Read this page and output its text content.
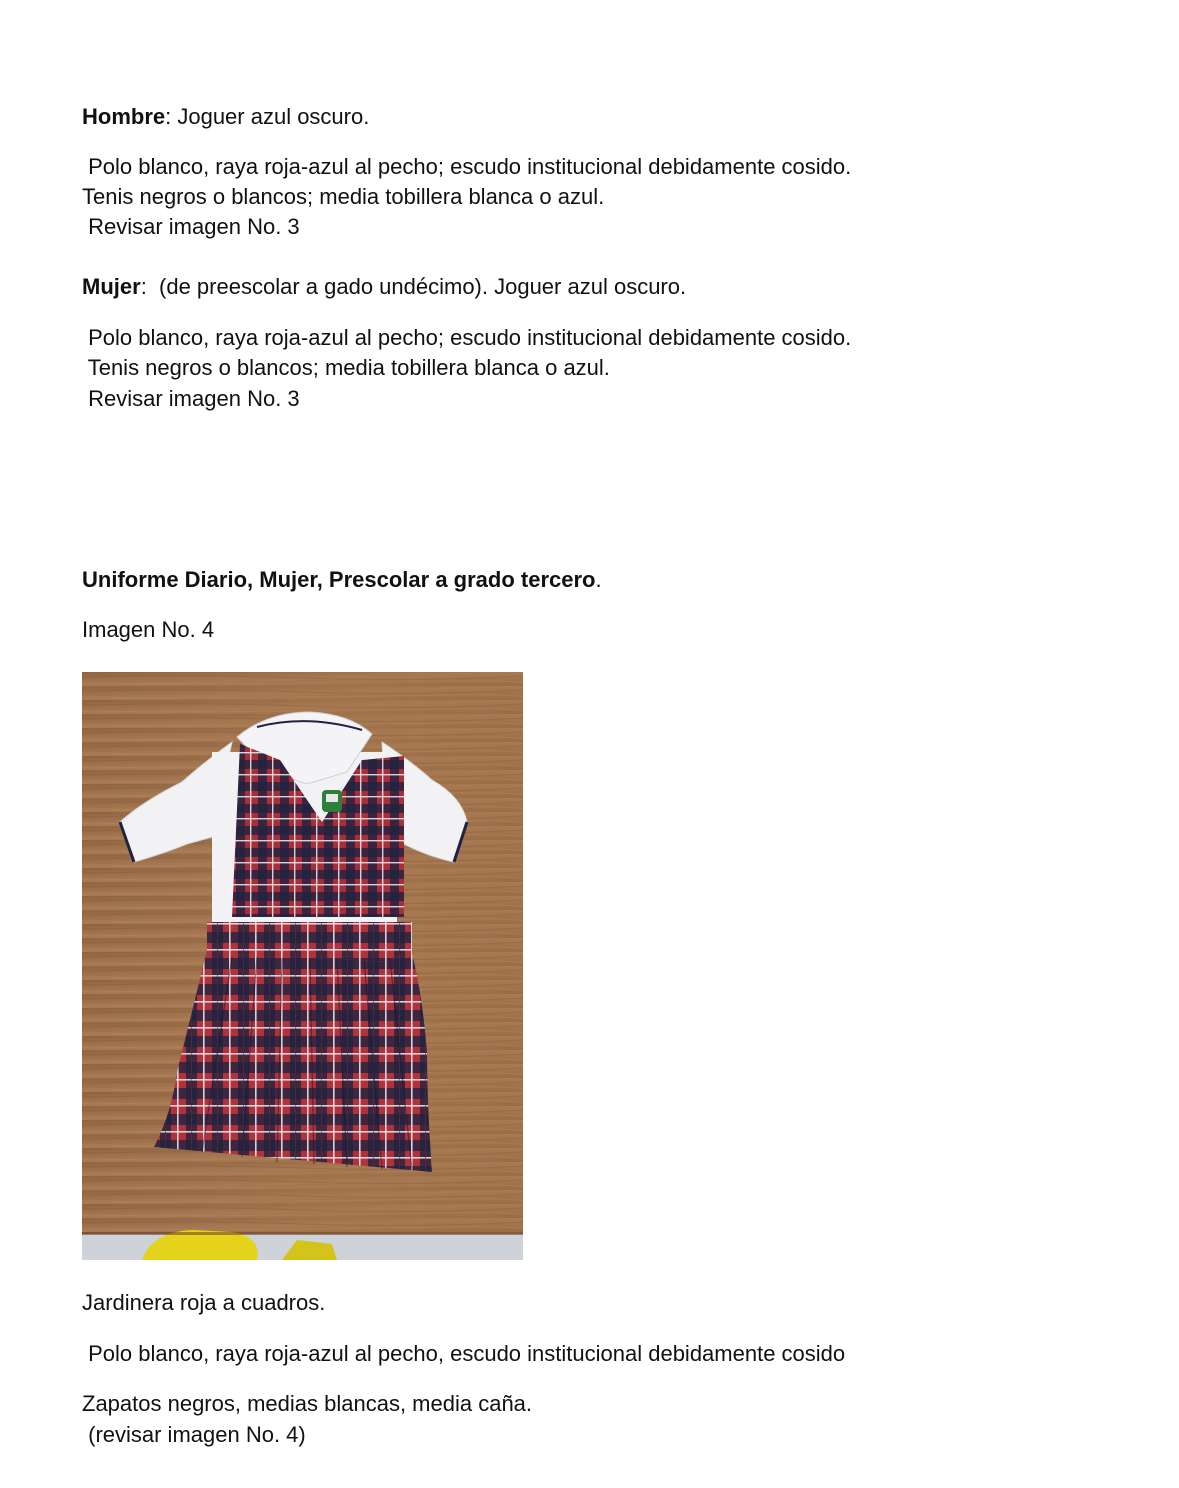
Hombre: Joguer azul oscuro.
Polo blanco, raya roja-azul al pecho; escudo institucional debidamente cosido.
Tenis negros o blancos; media tobillera blanca o azul.
Revisar imagen No. 3
Mujer:  (de preescolar a gado undécimo). Joguer azul oscuro.
Polo blanco, raya roja-azul al pecho; escudo institucional debidamente cosido.
Tenis negros o blancos; media tobillera blanca o azul.
Revisar imagen No. 3
Uniforme Diario, Mujer, Prescolar a grado tercero.
Imagen No. 4
Jardinera roja a cuadros.
Polo blanco, raya roja-azul al pecho, escudo institucional debidamente cosido
Zapatos negros, medias blancas, media caña.
(revisar imagen No. 4)
